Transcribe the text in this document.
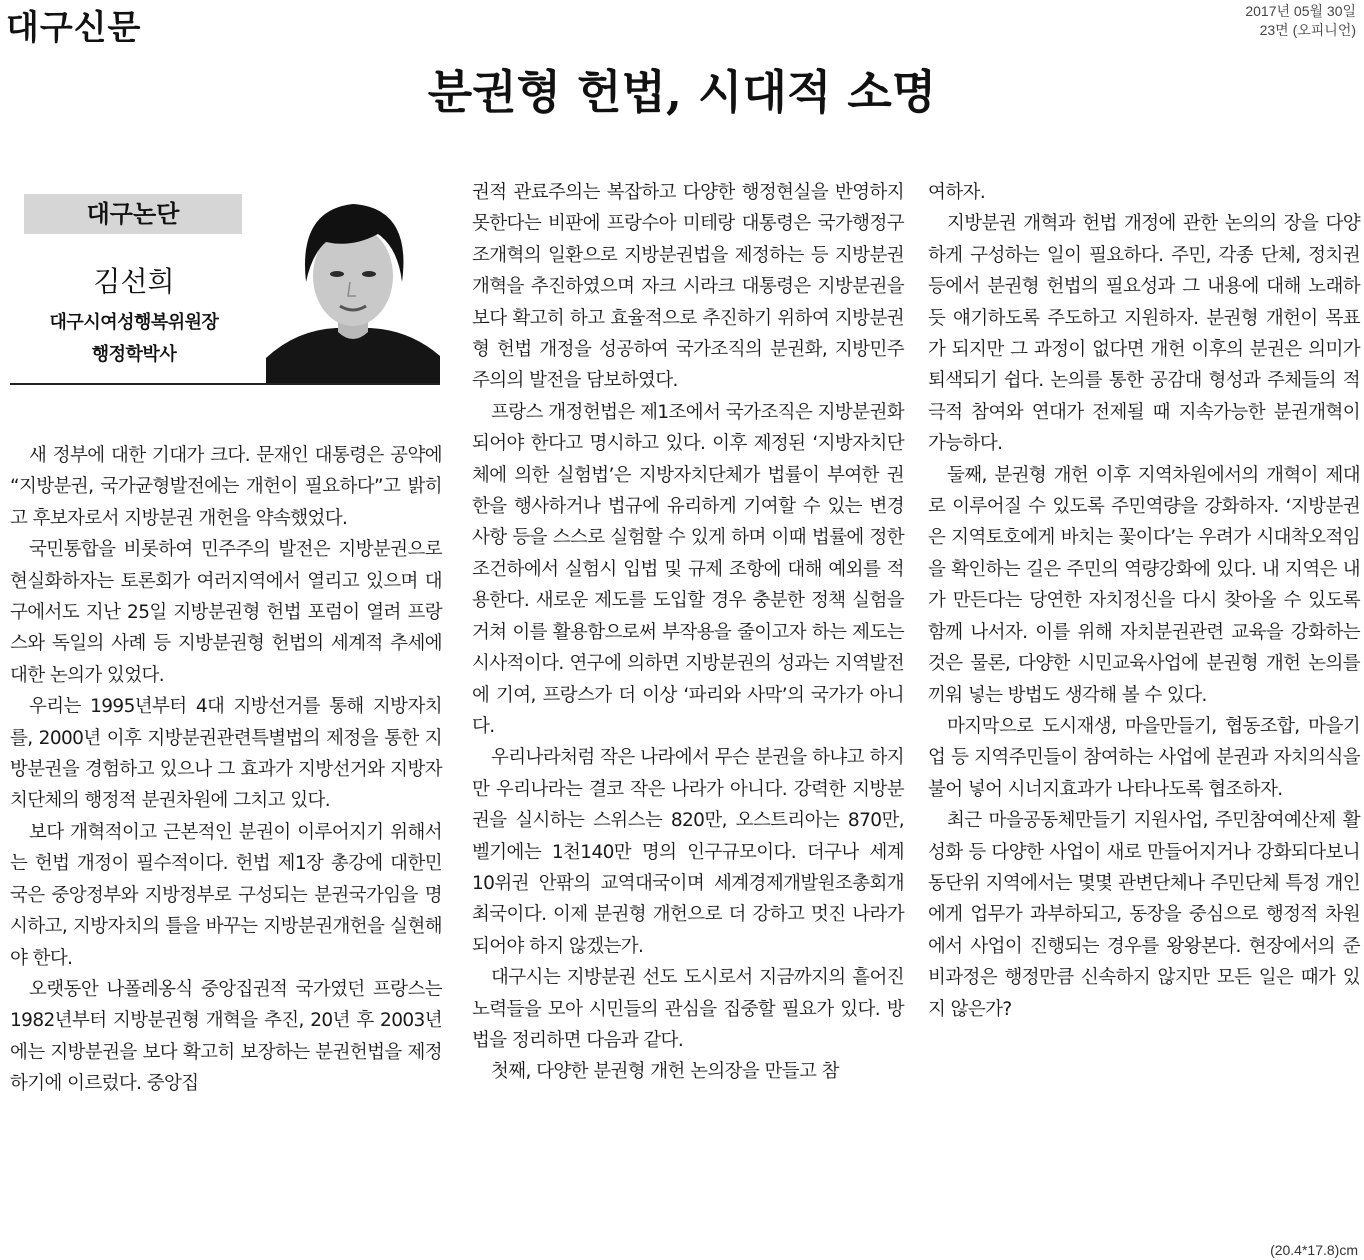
대구신문	2017년 05월 30일
23면 (오피니언)
분권형 헌법, 시대적 소명
대구논단
김선희
대구시여성행복위원장
행정학박사

새 정부에 대한 기대가 크다. 문재인 대통령은 공약에 “지방분권, 국가균형발전에는 개헌이 필요하다”고 밝히고 후보자로서 지방분권 개헌을 약속했었다.

국민통합을 비롯하여 민주주의 발전은 지방분권으로 현실화하자는 토론회가 여러지역에서 열리고 있으며 대구에서도 지난 25일 지방분권형 헌법 포럼이 열려 프랑스와 독일의 사례 등 지방분권형 헌법의 세계적 추세에 대한 논의가 있었다.

우리는 1995년부터 4대 지방선거를 통해 지방자치를, 2000년 이후 지방분권관련특별법의 제정을 통한 지방분권을 경험하고 있으나 그 효과가 지방선거와 지방자치단체의 행정적 분권차원에 그치고 있다.

보다 개혁적이고 근본적인 분권이 이루어지기 위해서는 헌법 개정이 필수적이다. 헌법 제1장 총강에 대한민국은 중앙정부와 지방정부로 구성되는 분권국가임을 명시하고, 지방자치의 틀을 바꾸는 지방분권개헌을 실현해야 한다.

오랫동안 나폴레옹식 중앙집권적 국가였던 프랑스는 1982년부터 지방분권형 개혁을 추진, 20년 후 2003년에는 지방분권을 보다 확고히 보장하는 분권헌법을 제정하기에 이르렀다. 중앙집

권적 관료주의는 복잡하고 다양한 행정현실을 반영하지 못한다는 비판에 프랑수아 미테랑 대통령은 국가행정구조개혁의 일환으로 지방분권법을 제정하는 등 지방분권 개혁을 추진하였으며 자크 시라크 대통령은 지방분권을 보다 확고히 하고 효율적으로 추진하기 위하여 지방분권형 헌법 개정을 성공하여 국가조직의 분권화, 지방민주주의의 발전을 담보하였다.

프랑스 개정헌법은 제1조에서 국가조직은 지방분권화 되어야 한다고 명시하고 있다. 이후 제정된 ‘지방자치단체에 의한 실험법’은 지방자치단체가 법률이 부여한 권한을 행사하거나 법규에 유리하게 기여할 수 있는 변경사항 등을 스스로 실험할 수 있게 하며 이때 법률에 정한 조건하에서 실험시 입법 및 규제 조항에 대해 예외를 적용한다. 새로운 제도를 도입할 경우 충분한 정책 실험을 거쳐 이를 활용함으로써 부작용을 줄이고자 하는 제도는 시사적이다. 연구에 의하면 지방분권의 성과는 지역발전에 기여, 프랑스가 더 이상 ‘파리와 사막’의 국가가 아니다.

우리나라처럼 작은 나라에서 무슨 분권을 하냐고 하지만 우리나라는 결코 작은 나라가 아니다. 강력한 지방분권을 실시하는 스위스는 820만, 오스트리아는 870만, 벨기에는 1천140만 명의 인구규모이다. 더구나 세계 10위권 안팎의 교역대국이며 세계경제개발원조총회개최국이다. 이제 분권형 개헌으로 더 강하고 멋진 나라가 되어야 하지 않겠는가.

대구시는 지방분권 선도 도시로서 지금까지의 흩어진 노력들을 모아 시민들의 관심을 집중할 필요가 있다. 방법을 정리하면 다음과 같다.

첫째, 다양한 분권형 개헌 논의장을 만들고 참

여하자.

지방분권 개혁과 헌법 개정에 관한 논의의 장을 다양하게 구성하는 일이 필요하다. 주민, 각종 단체, 정치권 등에서 분권형 헌법의 필요성과 그 내용에 대해 노래하듯 얘기하도록 주도하고 지원하자. 분권형 개헌이 목표가 되지만 그 과정이 없다면 개헌 이후의 분권은 의미가 퇴색되기 쉽다. 논의를 통한 공감대 형성과 주체들의 적극적 참여와 연대가 전제될 때 지속가능한 분권개혁이 가능하다.

둘째, 분권형 개헌 이후 지역차원에서의 개혁이 제대로 이루어질 수 있도록 주민역량을 강화하자. ‘지방분권은 지역토호에게 바치는 꽃이다’는 우려가 시대착오적임을 확인하는 길은 주민의 역량강화에 있다. 내 지역은 내가 만든다는 당연한 자치정신을 다시 찾아올 수 있도록 함께 나서자. 이를 위해 자치분권관련 교육을 강화하는 것은 물론, 다양한 시민교육사업에 분권형 개헌 논의를 끼워 넣는 방법도 생각해 볼 수 있다.

마지막으로 도시재생, 마을만들기, 협동조합, 마을기업 등 지역주민들이 참여하는 사업에 분권과 자치의식을 불어 넣어 시너지효과가 나타나도록 협조하자.

최근 마을공동체만들기 지원사업, 주민참여예산제 활성화 등 다양한 사업이 새로 만들어지거나 강화되다보니 동단위 지역에서는 몇몇 관변단체나 주민단체 특정 개인에게 업무가 과부하되고, 동장을 중심으로 행정적 차원에서 사업이 진행되는 경우를 왕왕본다. 현장에서의 준비과정은 행정만큼 신속하지 않지만 모든 일은 때가 있지 않은가?

(20.4*17.8)cm
